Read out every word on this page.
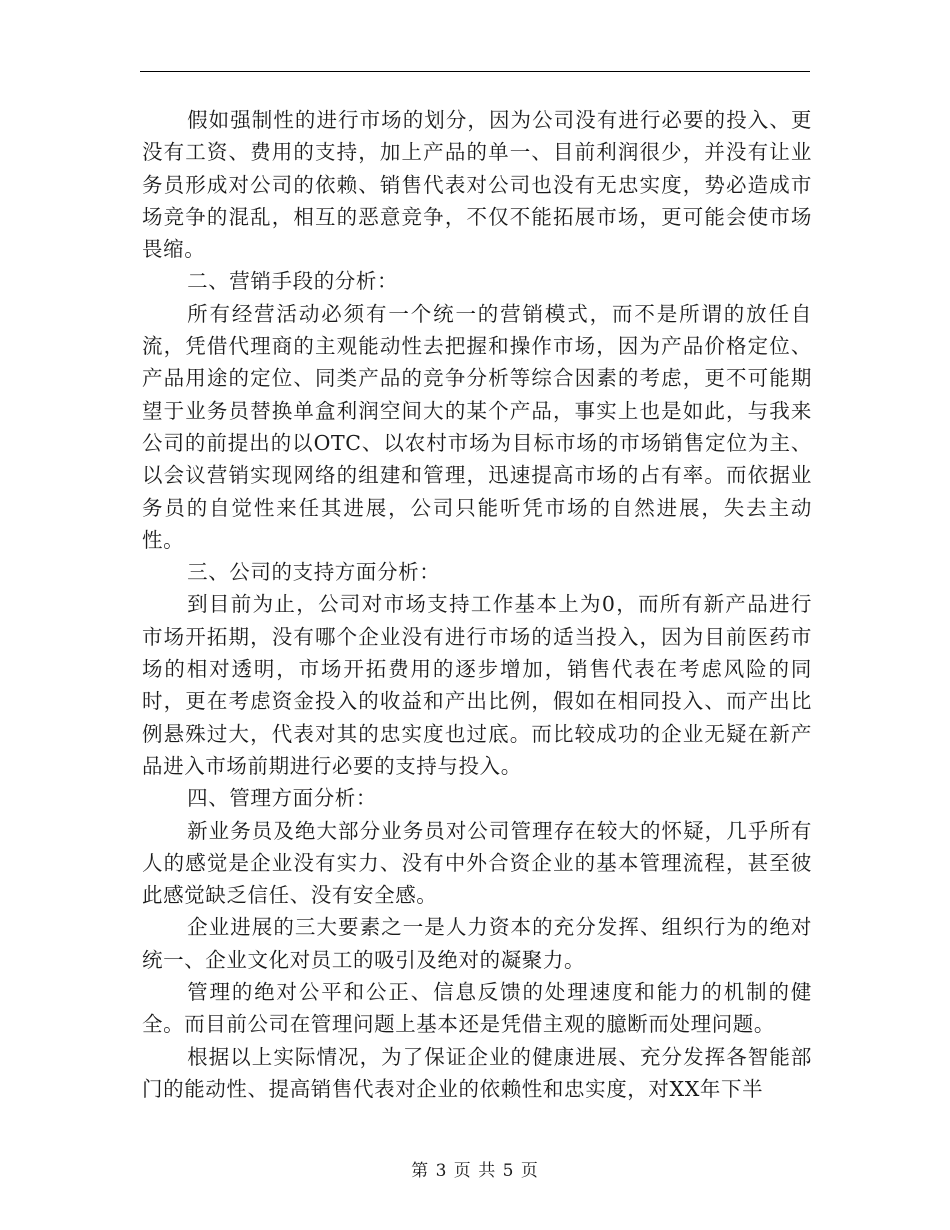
假如强制性的进行市场的划分，因为公司没有进行必要的投入、更没有工资、费用的支持，加上产品的单一、目前利润很少，并没有让业务员形成对公司的依赖、销售代表对公司也没有无忠实度，势必造成市场竞争的混乱，相互的恶意竞争，不仅不能拓展市场，更可能会使市场畏缩。

二、营销手段的分析：

所有经营活动必须有一个统一的营销模式，而不是所谓的放任自流，凭借代理商的主观能动性去把握和操作市场，因为产品价格定位、产品用途的定位、同类产品的竞争分析等综合因素的考虑，更不可能期望于业务员替换单盒利润空间大的某个产品，事实上也是如此，与我来公司的前提出的以OTC、以农村市场为目标市场的市场销售定位为主、以会议营销实现网络的组建和管理，迅速提高市场的占有率。而依据业务员的自觉性来任其进展，公司只能听凭市场的自然进展，失去主动性。

三、公司的支持方面分析：

到目前为止，公司对市场支持工作基本上为0，而所有新产品进行市场开拓期，没有哪个企业没有进行市场的适当投入，因为目前医药市场的相对透明，市场开拓费用的逐步增加，销售代表在考虑风险的同时，更在考虑资金投入的收益和产出比例，假如在相同投入、而产出比例悬殊过大，代表对其的忠实度也过底。而比较成功的企业无疑在新产品进入市场前期进行必要的支持与投入。

四、管理方面分析：

新业务员及绝大部分业务员对公司管理存在较大的怀疑，几乎所有人的感觉是企业没有实力、没有中外合资企业的基本管理流程，甚至彼此感觉缺乏信任、没有安全感。

企业进展的三大要素之一是人力资本的充分发挥、组织行为的绝对统一、企业文化对员工的吸引及绝对的凝聚力。

管理的绝对公平和公正、信息反馈的处理速度和能力的机制的健全。而目前公司在管理问题上基本还是凭借主观的臆断而处理问题。

根据以上实际情况，为了保证企业的健康进展、充分发挥各智能部门的能动性、提高销售代表对企业的依赖性和忠实度，对XX年下半

第 3 页 共 5 页
